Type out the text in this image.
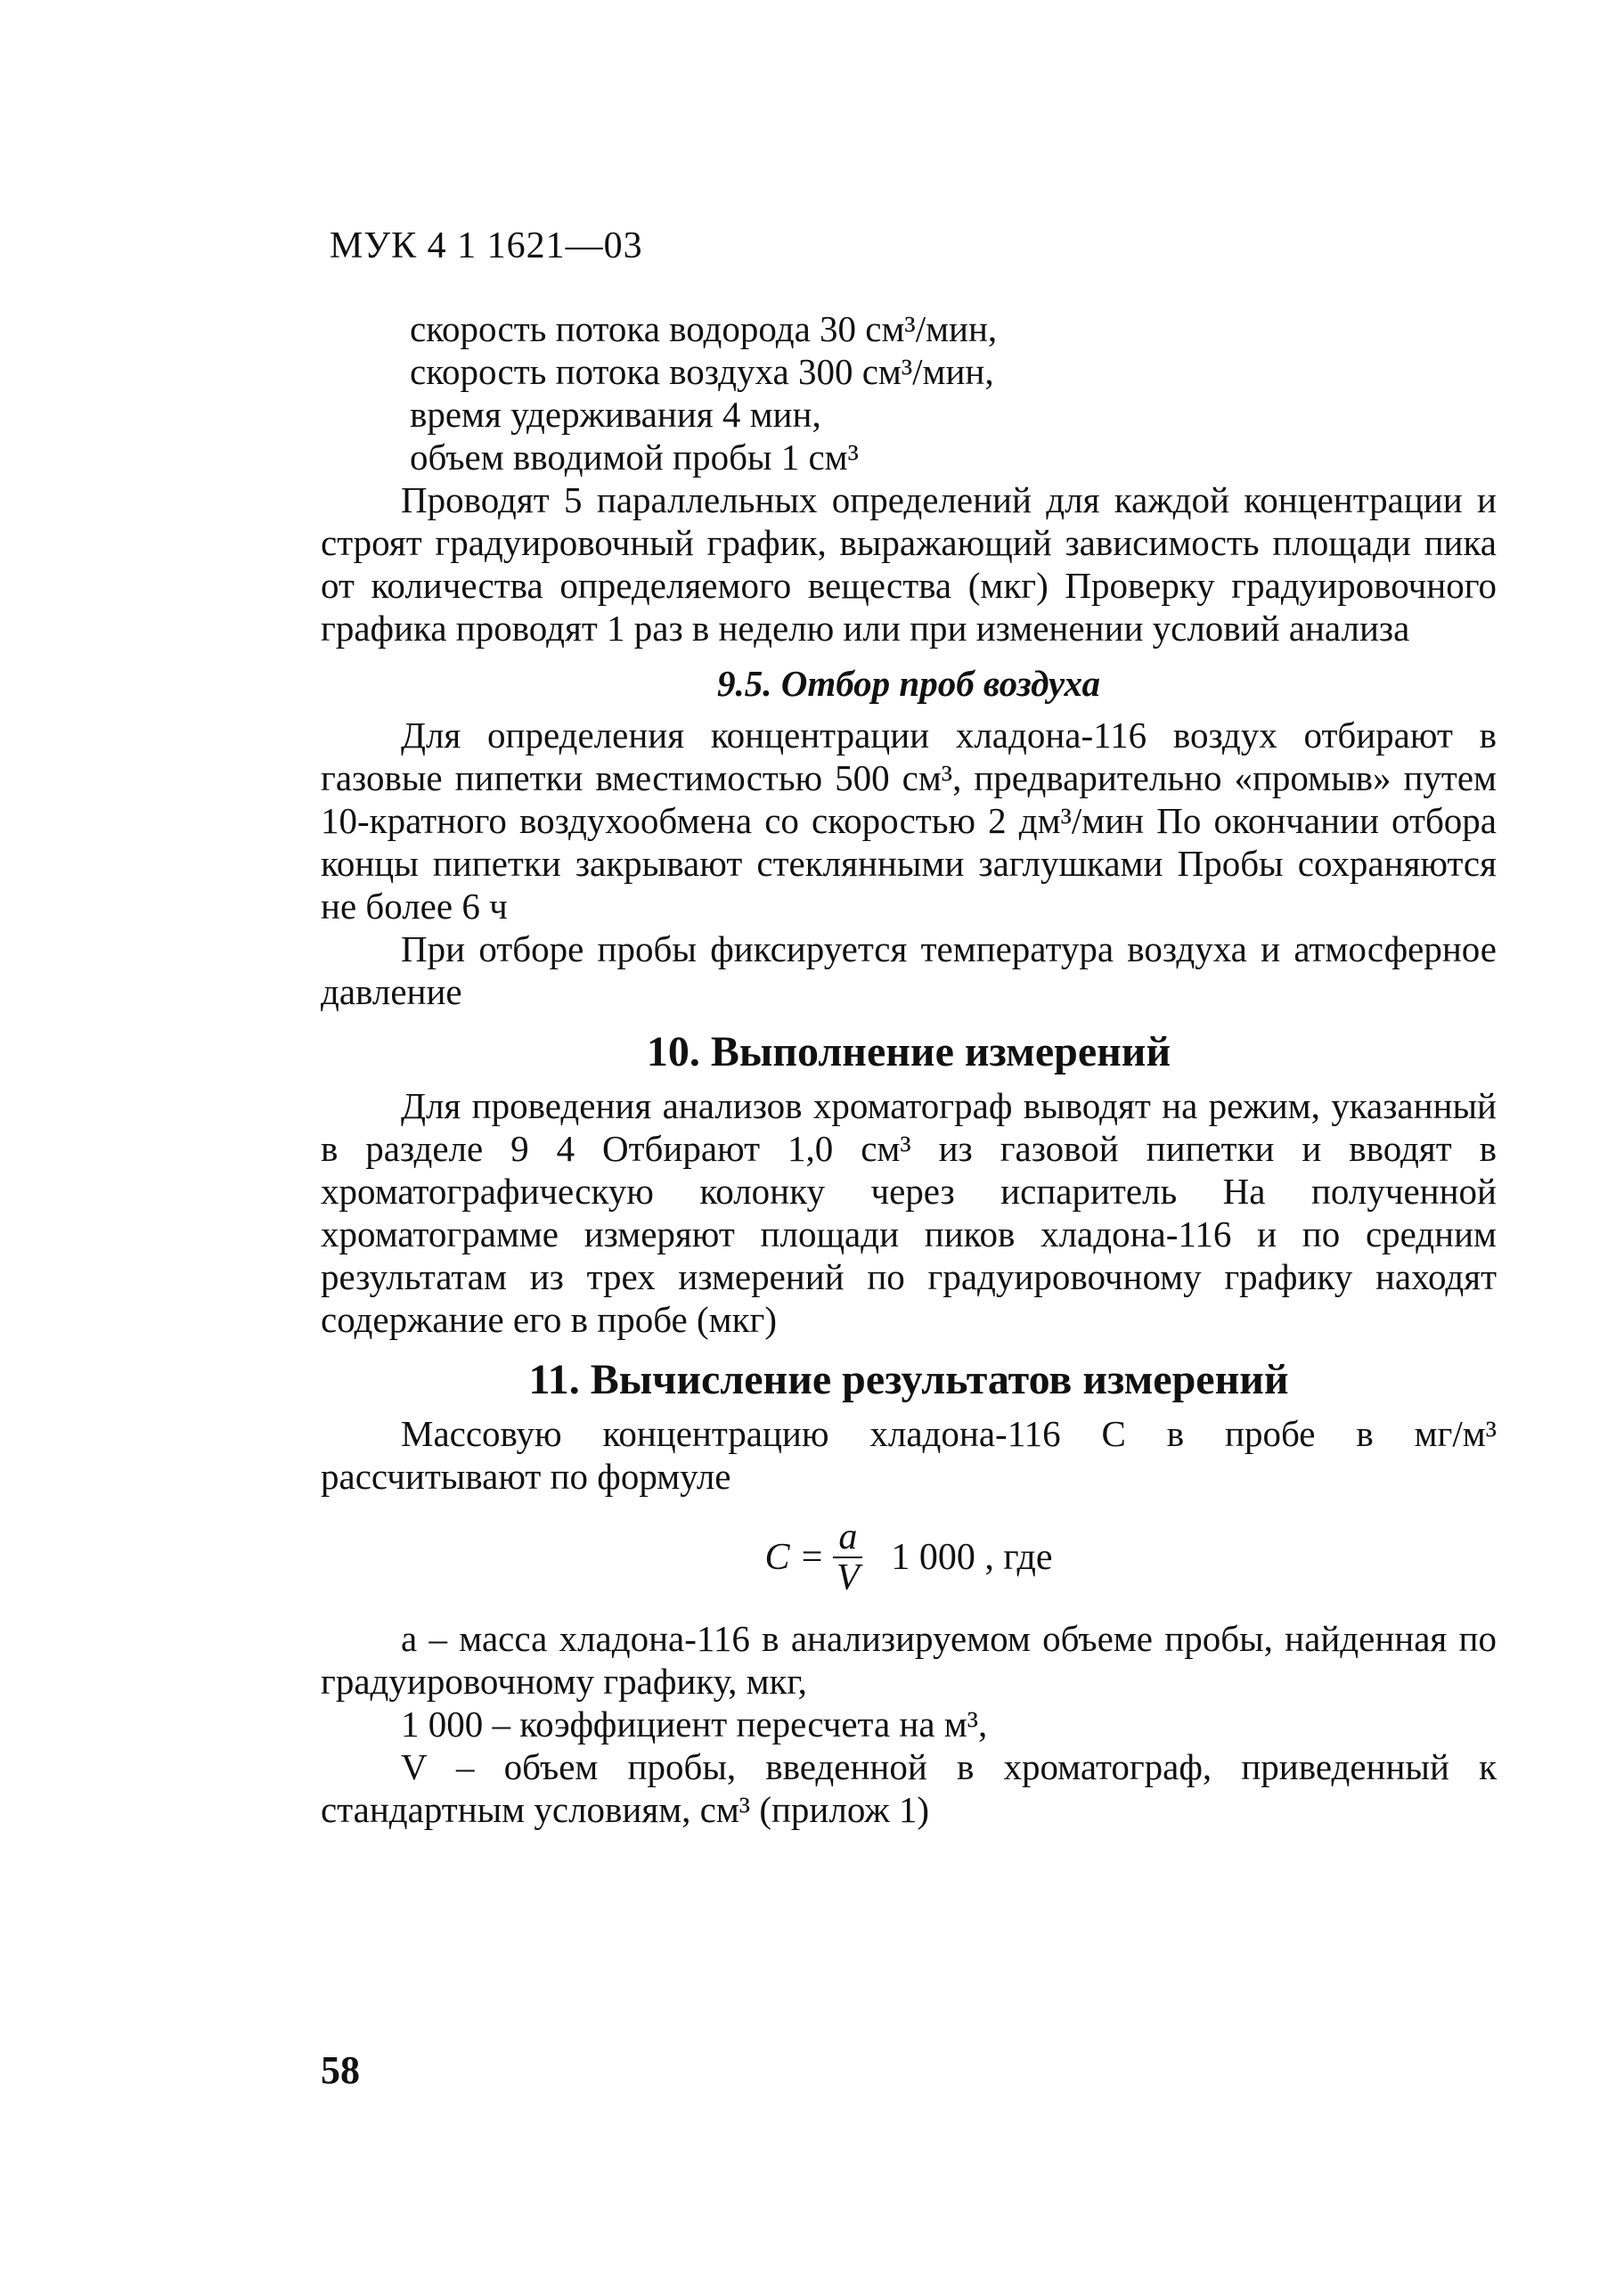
МУК 4 1 1621—03
скорость потока водорода 30 см³/мин,
скорость потока воздуха 300 см³/мин,
время удерживания 4 мин,
объем вводимой пробы 1 см³

Проводят 5 параллельных определений для каждой концентрации и строят градуировочный график, выражающий зависимость площади пика от количества определяемого вещества (мкг) Проверку градуировочного графика проводят 1 раз в неделю или при изменении условий анализа

9.5. Отбор проб воздуха

Для определения концентрации хладона-116 воздух отбирают в газовые пипетки вместимостью 500 см³, предварительно «промыв» путем 10-кратного воздухообмена со скоростью 2 дм³/мин По окончании отбора концы пипетки закрывают стеклянными заглушками Пробы сохраняются не более 6 ч

При отборе пробы фиксируется температура воздуха и атмосферное давление

10. Выполнение измерений

Для проведения анализов хроматограф выводят на режим, указанный в разделе 9 4 Отбирают 1,0 см³ из газовой пипетки и вводят в хроматографическую колонку через испаритель На полученной хроматограмме измеряют площади пиков хладона-116 и по средним результатам из трех измерений по градуировочному графику находят содержание его в пробе (мкг)

11. Вычисление результатов измерений

Массовую концентрацию хладона-116 C в пробе в мг/м³ рассчитывают по формуле

$C = \frac{a}{V} 1$ 000 , где

a – масса хладона-116 в анализируемом объеме пробы, найденная по градуировочному графику, мкг,

1 000 – коэффициент пересчета на м³,

V – объем пробы, введенной в хроматограф, приведенный к стандартным условиям, см³ (прилож 1)

58
